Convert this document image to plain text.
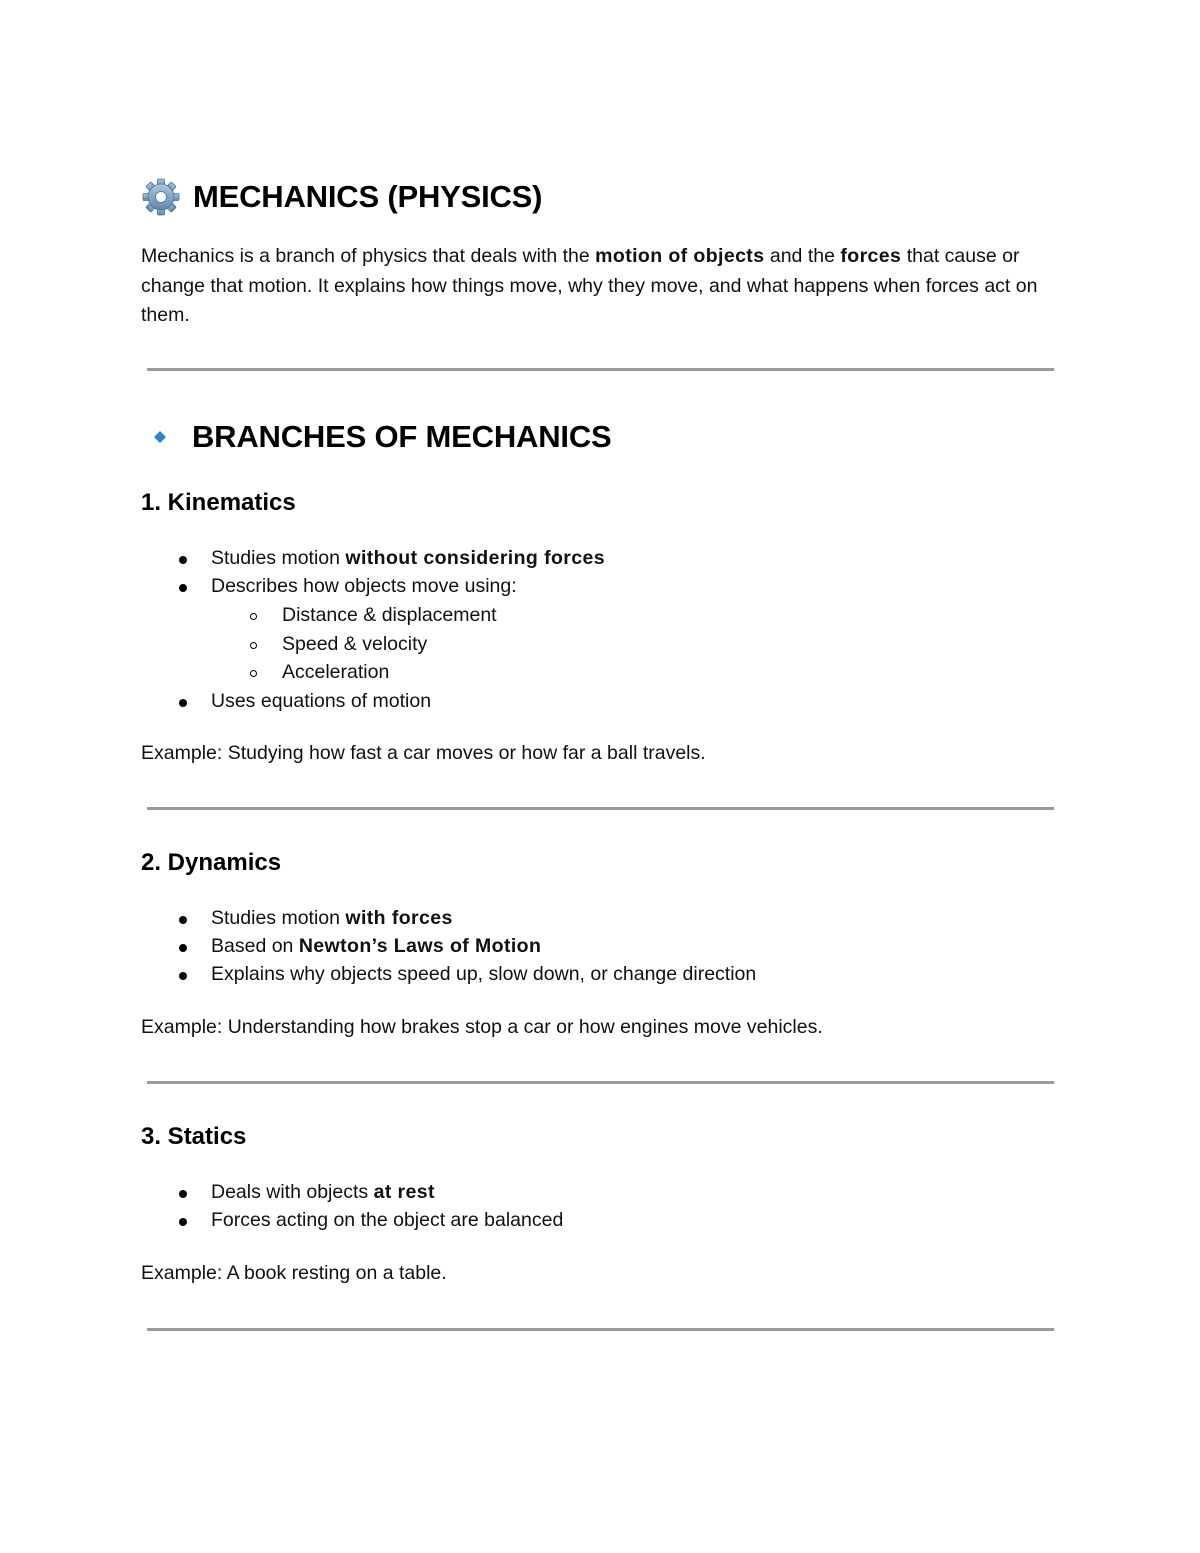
MECHANICS (PHYSICS)
Mechanics is a branch of physics that deals with the motion of objects and the forces that cause or change that motion. It explains how things move, why they move, and what happens when forces act on them.
BRANCHES OF MECHANICS
1. Kinematics
Studies motion without considering forces
Describes how objects move using:
Distance & displacement
Speed & velocity
Acceleration
Uses equations of motion
Example: Studying how fast a car moves or how far a ball travels.
2. Dynamics
Studies motion with forces
Based on Newton’s Laws of Motion
Explains why objects speed up, slow down, or change direction
Example: Understanding how brakes stop a car or how engines move vehicles.
3. Statics
Deals with objects at rest
Forces acting on the object are balanced
Example: A book resting on a table.
